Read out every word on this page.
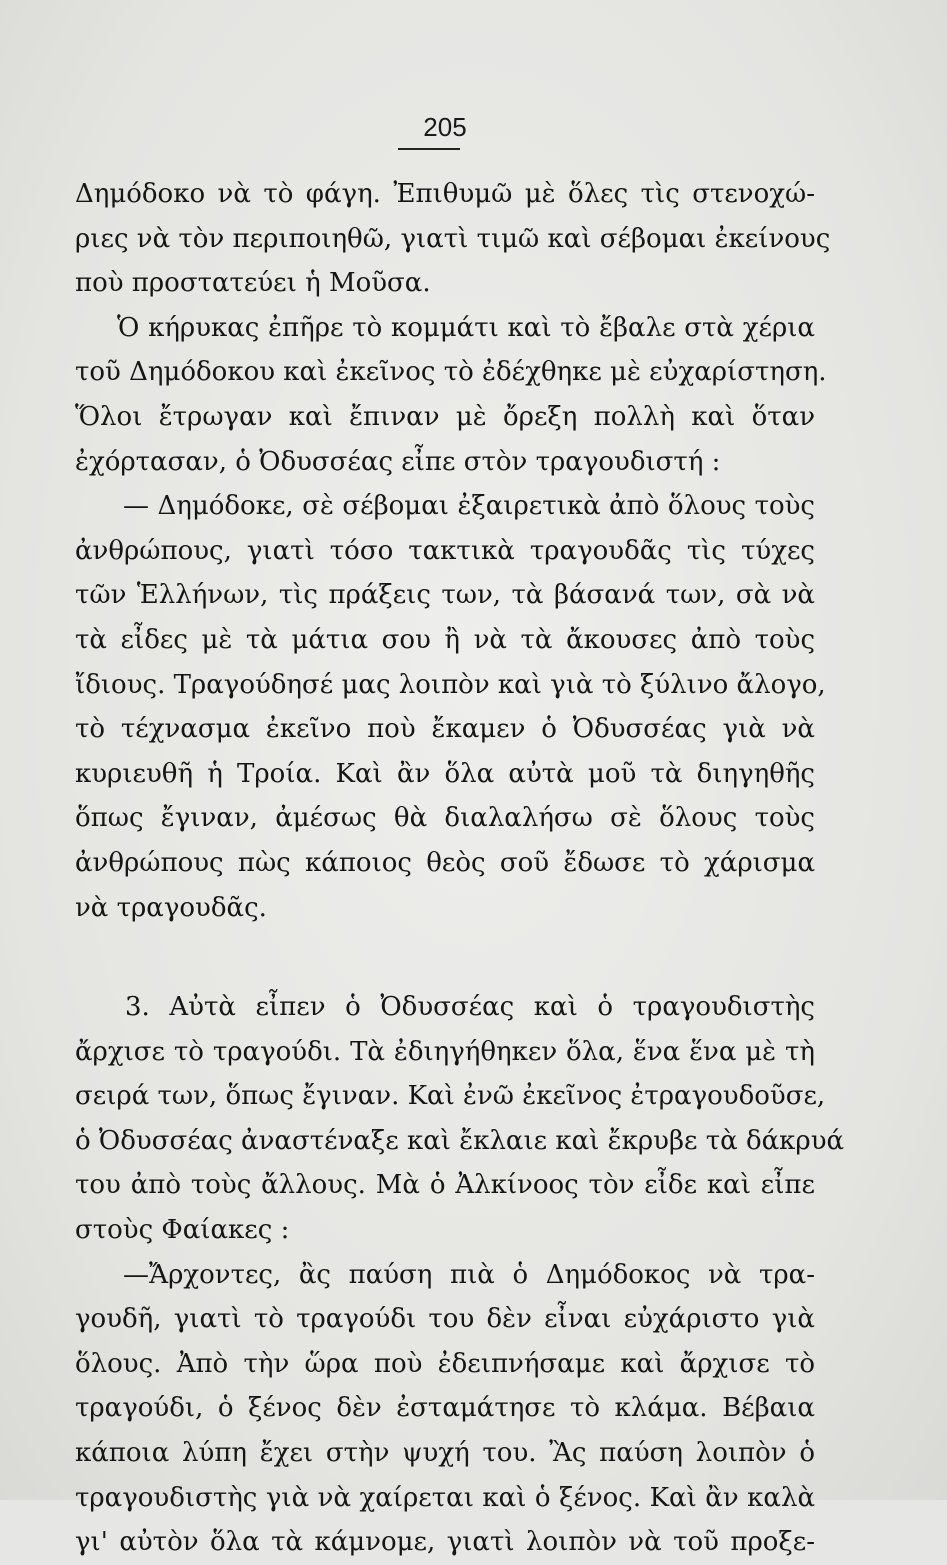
205
Δημόδοκο νὰ τὸ φάγη. Ἐπιθυμῶ μὲ ὅλες τὶς στενοχώ-
ριες νὰ τὸν περιποιηθῶ, γιατὶ τιμῶ καὶ σέβομαι ἐκείνους
ποὺ προστατεύει ἡ Μοῦσα.
Ὁ κήρυκας ἐπῆρε τὸ κομμάτι καὶ τὸ ἔβαλε στὰ χέρια
τοῦ Δημόδοκου καὶ ἐκεῖνος τὸ ἐδέχθηκε μὲ εὐχαρίστηση.
Ὅλοι ἔτρωγαν καὶ ἔπιναν μὲ ὄρεξη πολλὴ καὶ ὅταν
ἐχόρτασαν, ὁ Ὀδυσσέας εἶπε στὸν τραγουδιστή :
— Δημόδοκε, σὲ σέβομαι ἐξαιρετικὰ ἀπὸ ὅλους τοὺς
ἀνθρώπους, γιατὶ τόσο τακτικὰ τραγουδᾶς τὶς τύχες
τῶν Ἑλλήνων, τὶς πράξεις των, τὰ βάσανά των, σὰ νὰ
τὰ εἶδες μὲ τὰ μάτια σου ἢ νὰ τὰ ἄκουσες ἀπὸ τοὺς
ἴδιους. Τραγούδησέ μας λοιπὸν καὶ γιὰ τὸ ξύλινο ἄλογο,
τὸ τέχνασμα ἐκεῖνο ποὺ ἔκαμεν ὁ Ὀδυσσέας γιὰ νὰ
κυριευθῆ ἡ Τροία. Καὶ ἂν ὅλα αὐτὰ μοῦ τὰ διηγηθῆς
ὅπως ἔγιναν, ἀμέσως θὰ διαλαλήσω σὲ ὅλους τοὺς
ἀνθρώπους πὼς κάποιος θεὸς σοῦ ἔδωσε τὸ χάρισμα
νὰ τραγουδᾶς.
3. Αὐτὰ εἶπεν ὁ Ὀδυσσέας καὶ ὁ τραγουδιστὴς
ἄρχισε τὸ τραγούδι. Τὰ ἐδιηγήθηκεν ὅλα, ἕνα ἕνα μὲ τὴ
σειρά των, ὅπως ἔγιναν. Καὶ ἐνῶ ἐκεῖνος ἐτραγουδοῦσε,
ὁ Ὀδυσσέας ἀναστέναξε καὶ ἔκλαιε καὶ ἔκρυβε τὰ δάκρυά
του ἀπὸ τοὺς ἄλλους. Μὰ ὁ Ἀλκίνοος τὸν εἶδε καὶ εἶπε
στοὺς Φαίακες :
—Ἄρχοντες, ἂς παύση πιὰ ὁ Δημόδοκος νὰ τρα-
γουδῆ, γιατὶ τὸ τραγούδι του δὲν εἶναι εὐχάριστο γιὰ
ὅλους. Ἀπὸ τὴν ὥρα ποὺ ἐδειπνήσαμε καὶ ἄρχισε τὸ
τραγούδι, ὁ ξένος δὲν ἐσταμάτησε τὸ κλάμα. Βέβαια
κάποια λύπη ἔχει στὴν ψυχή του. Ἂς παύση λοιπὸν ὁ
τραγουδιστὴς γιὰ νὰ χαίρεται καὶ ὁ ξένος. Καὶ ἂν καλὰ
γι' αὐτὸν ὅλα τὰ κάμνομε, γιατὶ λοιπὸν νὰ τοῦ προξε-
